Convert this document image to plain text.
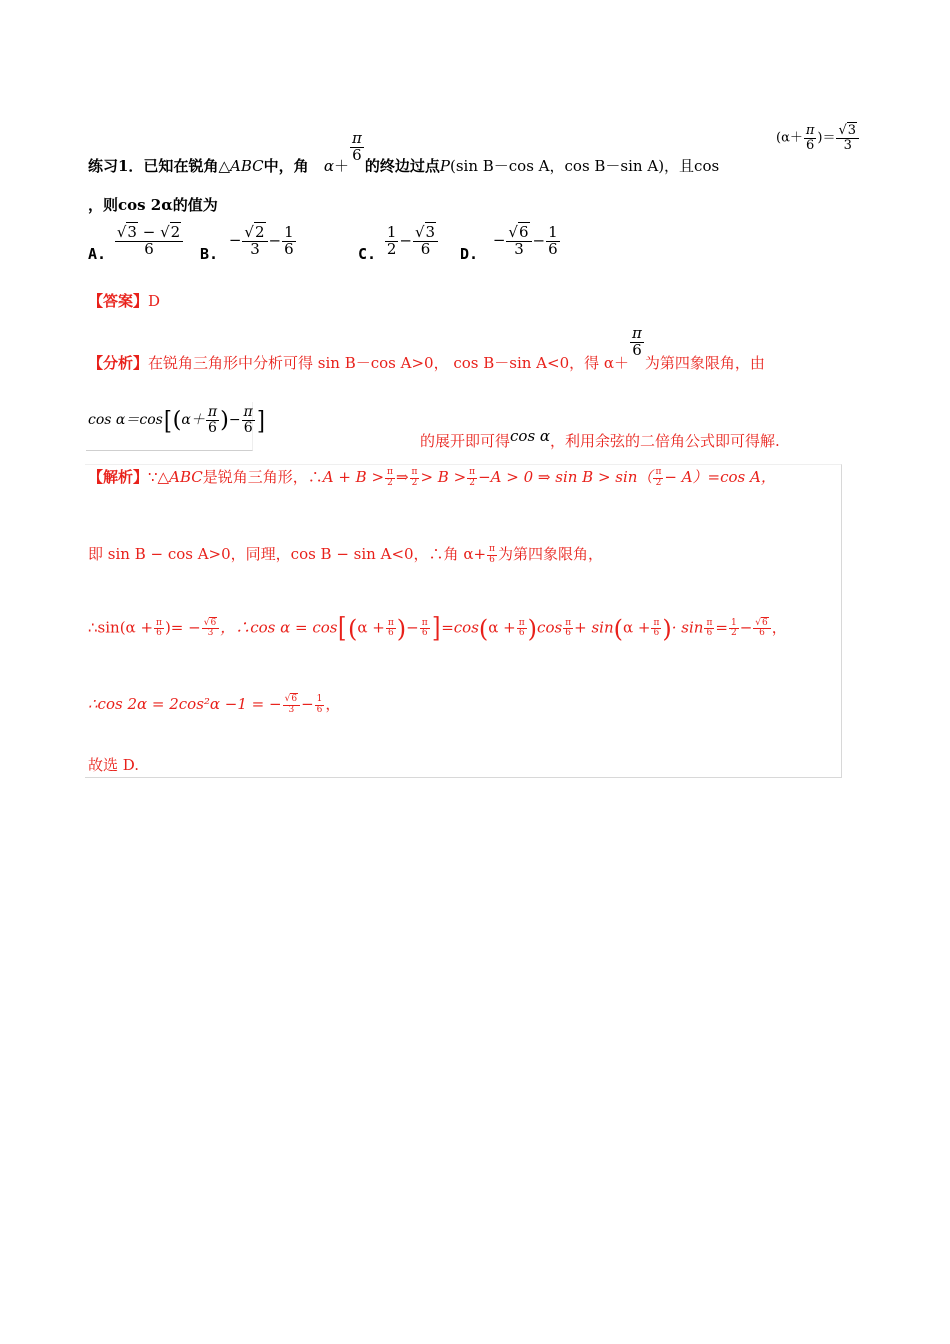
练习1．已知在锐角△ABC中，角 α＋
$\frac{\pi}{6}$
的终边过点P(sin B－cos A，cos B－sin A)，且cos
($\alpha+ \frac{\pi}{6}$ )＝ $\frac{√3}{3}$
，则cos 2α的值为
A. $\frac{√3 - √2}{6} B$. − $\frac{√2}{3} - \frac{1}{6}$	C. $\frac{1}{2} - \frac{√3}{6} D$. − $\frac{√6}{3} - \frac{1}{6}$
【答案】D
【分析】在锐角三角形中分析可得 sin B－cos A>0， cos B－sin A<0，得 α＋
$\frac{\pi}{6}$
为第四象限角，由
$\cos \alpha=\cos[(\alpha+ \frac{\pi}{6}$ )− $\frac{\pi}{6}$ ]
的展开即可得cos α，利用余弦的二倍角公式即可得解.
【解析】∵△ABC是锐角三角形，∴A + $B > \frac{\pi}{2}$ ⇒ $\frac{\pi}{2} > B > \frac{\pi}{2} -A > 0$ ⇒ $\sin B > \sin( \frac{\pi}{2} - A)=\cos$ A，
即 sin B − cos A>0，同理，cos B − sin A<0，∴角 $\alpha+ \frac{\pi}{6}$ 为第四象限角，
∴sin(α + $\frac{\pi}{6}$ )= − $\frac{√6}{3}$ ，∴cos $\alpha = \cos[(\alpha + \frac{\pi}{6}$ )− $\frac{\pi}{6} ]=\cos(\alpha + \frac{\pi}{6} )\cos \frac{\pi}{6} + \sin(\alpha + \frac{\pi}{6}$ )· $\sin \frac{\pi}{6} = \frac{1}{2} - \frac{√6}{6}$ ，
∴cos 2α = 2cos²α −1 = − $\frac{√6}{3} - \frac{1}{6}$ ，
故选 D.
